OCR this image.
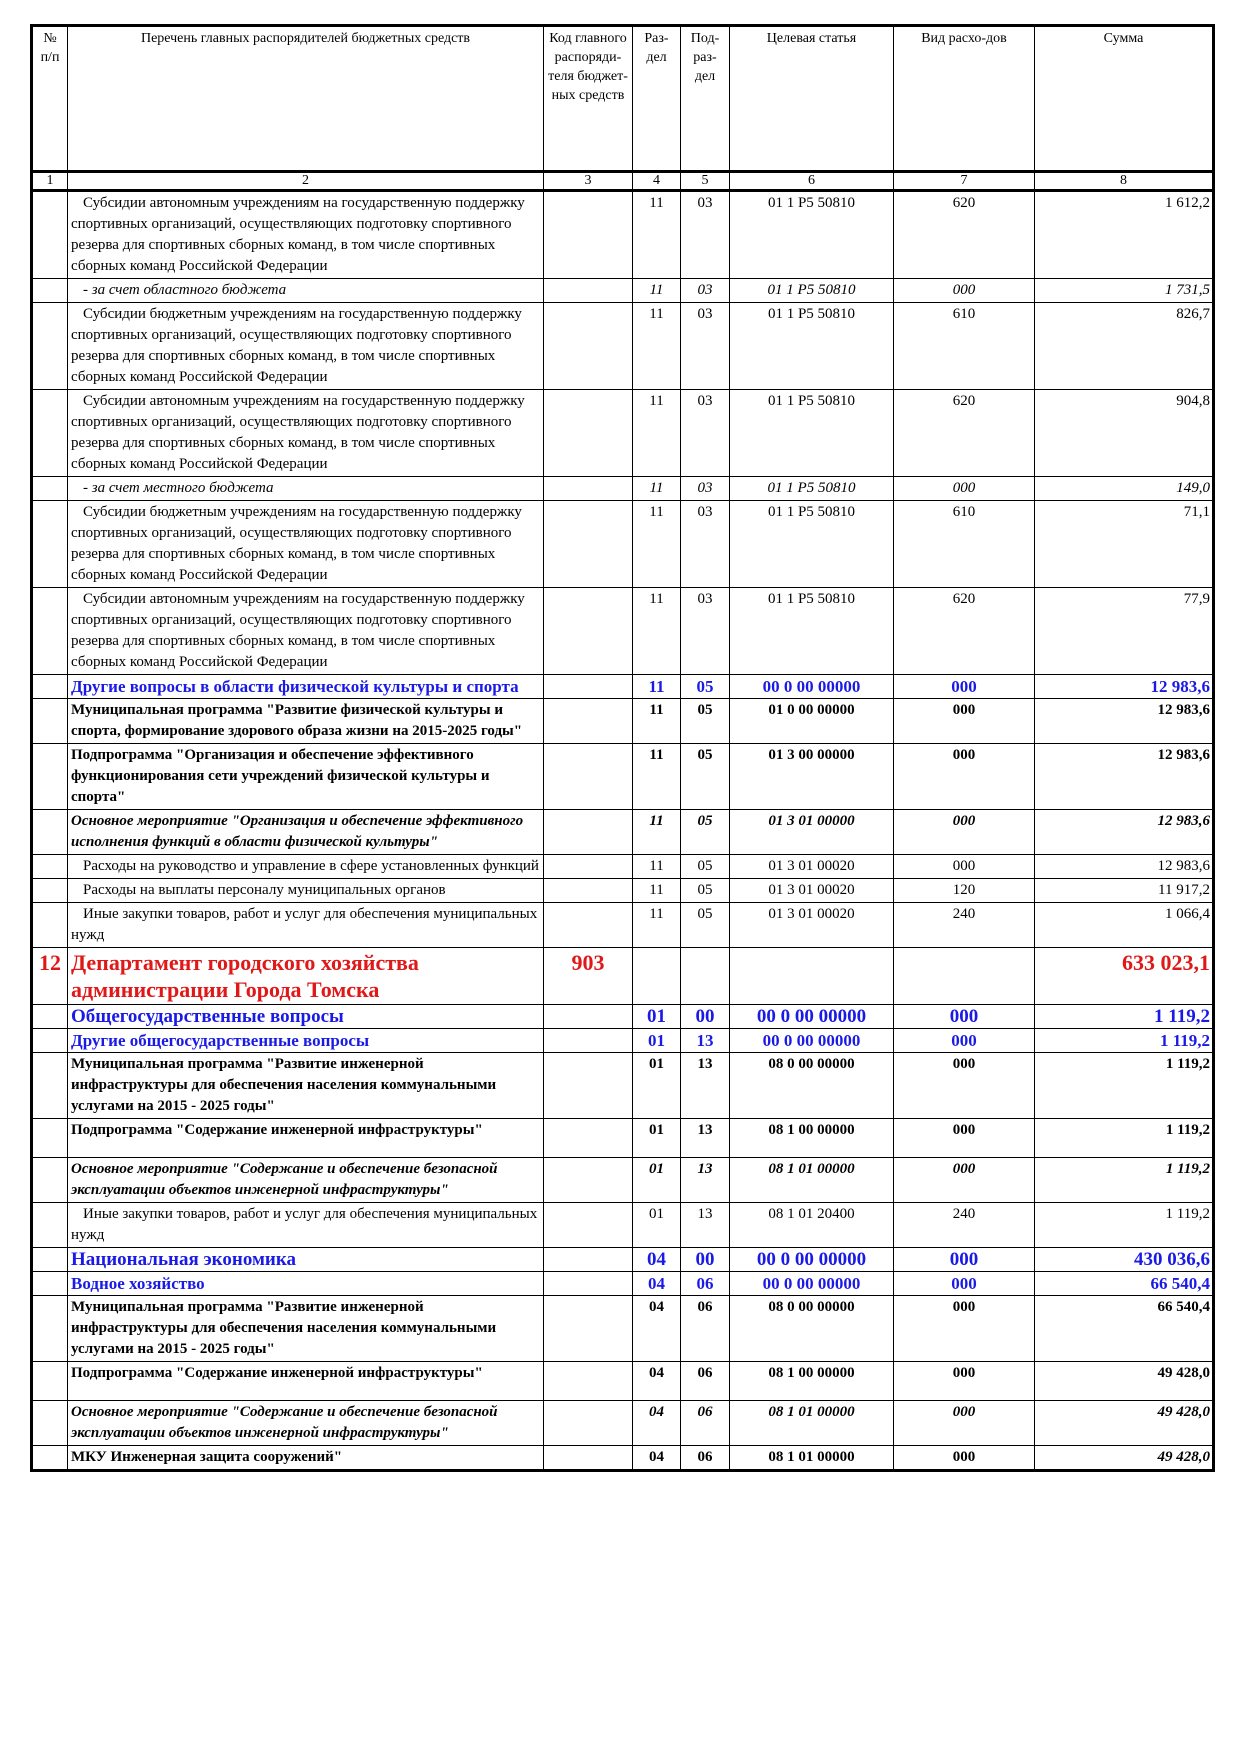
№ п/п	Перечень главных распорядителей бюджетных средств	Код главного распоряди-теля бюджет-ных средств	Раз-дел	Под-раз-дел	Целевая статья	Вид расхо-дов	Сумма
1	2	3	4	5	6	7	8
	Субсидии автономным учреждениям на государственную поддержку спортивных организаций, осуществляющих подготовку спортивного резерва для спортивных сборных команд, в том числе спортивных сборных команд Российской Федерации		11	03	01 1 P5 50810	620	1 612,2
	- за счет областного бюджета		11	03	01 1 P5 50810	000	1 731,5
	Субсидии бюджетным учреждениям на государственную поддержку спортивных организаций, осуществляющих подготовку спортивного резерва для спортивных сборных команд, в том числе спортивных сборных команд Российской Федерации		11	03	01 1 P5 50810	610	826,7
	Субсидии автономным учреждениям на государственную поддержку спортивных организаций, осуществляющих подготовку спортивного резерва для спортивных сборных команд, в том числе спортивных сборных команд Российской Федерации		11	03	01 1 P5 50810	620	904,8
	- за счет местного бюджета		11	03	01 1 P5 50810	000	149,0
	Субсидии бюджетным учреждениям на государственную поддержку спортивных организаций, осуществляющих подготовку спортивного резерва для спортивных сборных команд, в том числе спортивных сборных команд Российской Федерации		11	03	01 1 P5 50810	610	71,1
	Субсидии автономным учреждениям на государственную поддержку спортивных организаций, осуществляющих подготовку спортивного резерва для спортивных сборных команд, в том числе спортивных сборных команд Российской Федерации		11	03	01 1 P5 50810	620	77,9
	Другие вопросы в области физической культуры и спорта		11	05	00 0 00 00000	000	12 983,6
	Муниципальная программа "Развитие физической культуры и спорта, формирование здорового образа жизни на 2015-2025 годы"		11	05	01 0 00 00000	000	12 983,6
	Подпрограмма "Организация и обеспечение эффективного функционирования сети учреждений физической культуры и спорта"		11	05	01 3 00 00000	000	12 983,6
	Основное мероприятие "Организация и обеспечение эффективного исполнения функций в области физической культуры"		11	05	01 3 01 00000	000	12 983,6
	Расходы на руководство и управление в сфере установленных функций		11	05	01 3 01 00020	000	12 983,6
	Расходы на выплаты персоналу муниципальных органов		11	05	01 3 01 00020	120	11 917,2
	Иные закупки товаров, работ и услуг для обеспечения муниципальных нужд		11	05	01 3 01 00020	240	1 066,4
12	Департамент городского хозяйства администрации Города Томска	903					633 023,1
	Общегосударственные вопросы		01	00	00 0 00 00000	000	1 119,2
	Другие общегосударственные вопросы		01	13	00 0 00 00000	000	1 119,2
	Муниципальная программа "Развитие инженерной инфраструктуры для обеспечения населения коммунальными услугами на 2015 - 2025 годы"		01	13	08 0 00 00000	000	1 119,2
	Подпрограмма "Содержание инженерной инфраструктуры"		01	13	08 1 00 00000	000	1 119,2
	Основное мероприятие "Содержание и обеспечение безопасной эксплуатации объектов инженерной инфраструктуры"		01	13	08 1 01 00000	000	1 119,2
	Иные закупки товаров, работ и услуг для обеспечения муниципальных нужд		01	13	08 1 01 20400	240	1 119,2
	Национальная экономика		04	00	00 0 00 00000	000	430 036,6
	Водное хозяйство		04	06	00 0 00 00000	000	66 540,4
	Муниципальная программа "Развитие инженерной инфраструктуры для обеспечения населения коммунальными услугами на 2015 - 2025 годы"		04	06	08 0 00 00000	000	66 540,4
	Подпрограмма "Содержание инженерной инфраструктуры"		04	06	08 1 00 00000	000	49 428,0
	Основное мероприятие "Содержание и обеспечение безопасной эксплуатации объектов инженерной инфраструктуры"		04	06	08 1 01 00000	000	49 428,0
	МКУ Инженерная защита сооружений"		04	06	08 1 01 00000	000	49 428,0
